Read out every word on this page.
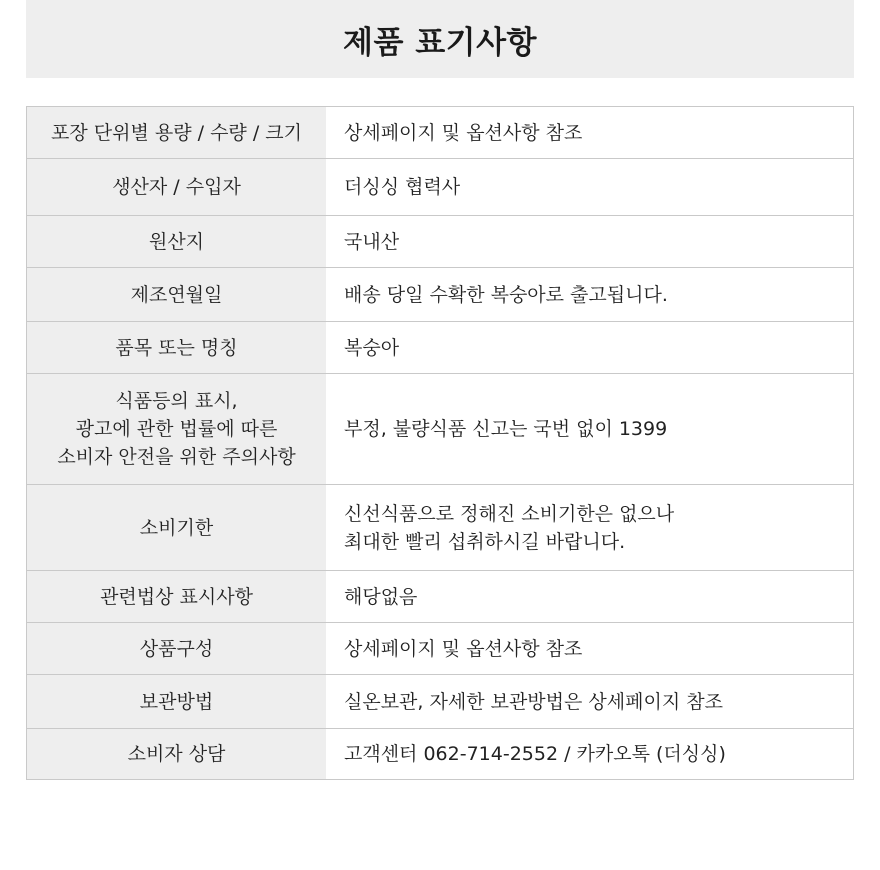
제품 표기사항
포장 단위별 용량 / 수량 / 크기	상세페이지 및 옵션사항 참조
생산자 / 수입자	더싱싱 협력사
원산지	국내산
제조연월일	배송 당일 수확한 복숭아로 출고됩니다.
품목 또는 명칭	복숭아
식품등의 표시,
광고에 관한 법률에 따른
소비자 안전을 위한 주의사항	부정, 불량식품 신고는 국번 없이 1399
소비기한	신선식품으로 정해진 소비기한은 없으나
최대한 빨리 섭취하시길 바랍니다.
관련법상 표시사항	해당없음
상품구성	상세페이지 및 옵션사항 참조
보관방법	실온보관, 자세한 보관방법은 상세페이지 참조
소비자 상담	고객센터 062-714-2552 / 카카오톡 (더싱싱)
